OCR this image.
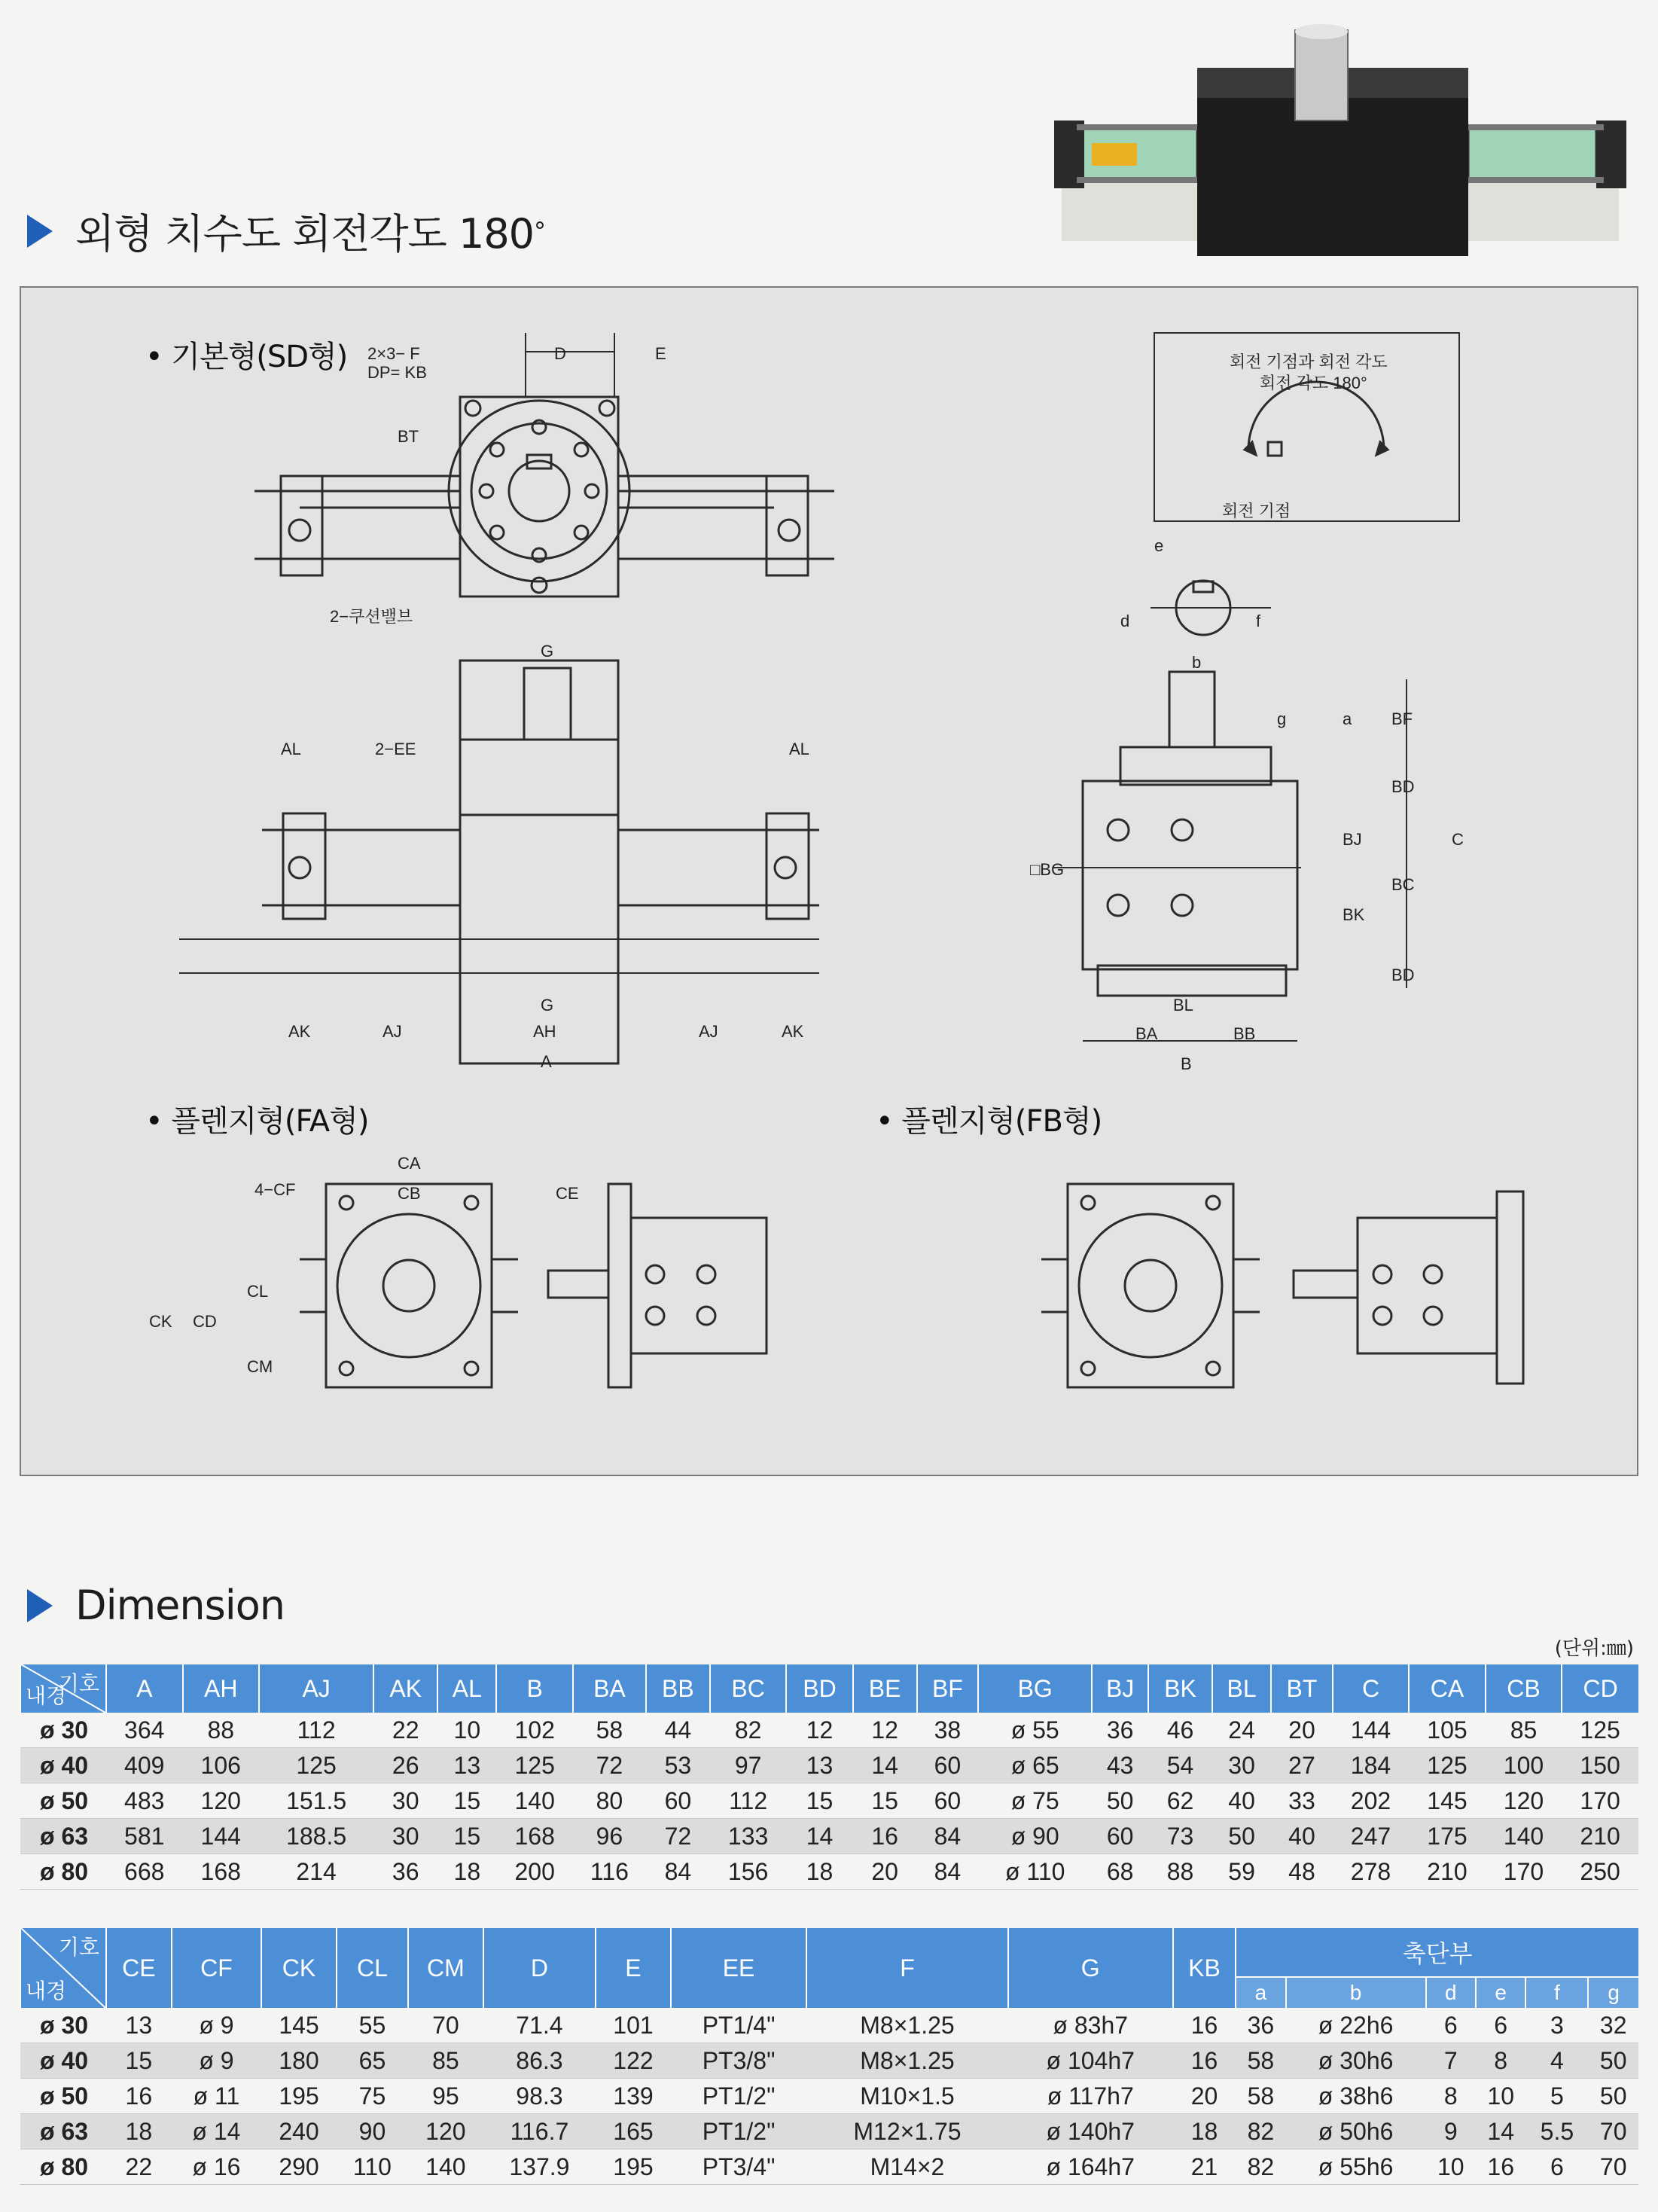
외형 치수도 회전각도 180 °
• 기본형(SD형)
• 플렌지형(FA형)	• 플렌지형(FB형)
2×3− F
DP= KB
D	E
BT
2−쿠션밸브
회전 기점과 회전 각도
회전 각도 180°
회전 기점
e
d	f
G
AL	2−EE	AL
G
AK	AJ	AH	AJ	AK
A
b
g	a BF
BD
BJ
BC
C
BK
BD
□BG
BL
BA	BB
B
CA
4−CF	CB	CE
CL
CK CD
CM
Dimension
(단위:㎜)
기호
내경	A	AH	AJ	AK	AL	B	BA	BB	BC	BD	BE	BF	BG	BJ	BK	BL	BT	C	CA	CB	CD
ø 30	364	88	112	22	10	102	58	44	82	12	12	38	ø 55	36	46	24	20	144	105	85	125
ø 40	409	106	125	26	13	125	72	53	97	13	14	60	ø 65	43	54	30	27	184	125	100	150
ø 50	483	120	151.5	30	15	140	80	60	112	15	15	60	ø 75	50	62	40	33	202	145	120	170
ø 63	581	144	188.5	30	15	168	96	72	133	14	16	84	ø 90	60	73	50	40	247	175	140	210
ø 80	668	168	214	36	18	200	116	84	156	18	20	84	ø 110	68	88	59	48	278	210	170	250
기호
내경	CE	CF	CK	CL	CM	D	E	EE	F	G	KB	축단부					
												a	b	d	e	f	g
ø 30	13	ø 9	145	55	70	71.4	101	PT1/4"	M8×1.25	ø 83h7	16	36	ø 22h6	6	6	3	32
ø 40	15	ø 9	180	65	85	86.3	122	PT3/8"	M8×1.25	ø 104h7	16	58	ø 30h6	7	8	4	50
ø 50	16	ø 11	195	75	95	98.3	139	PT1/2"	M10×1.5	ø 117h7	20	58	ø 38h6	8	10	5	50
ø 63	18	ø 14	240	90	120	116.7	165	PT1/2"	M12×1.75	ø 140h7	18	82	ø 50h6	9	14	5.5	70
ø 80	22	ø 16	290	110	140	137.9	195	PT3/4"	M14×2	ø 164h7	21	82	ø 55h6	10	16	6	70
